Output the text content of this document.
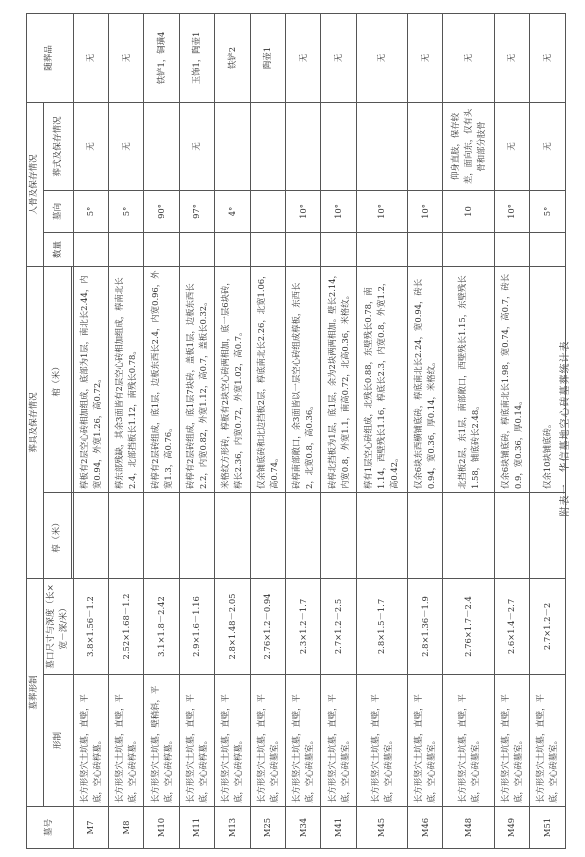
附表一　华信墓地空心砖墓葬统计表
墓号	墓葬形制		葬具及保存情况		人骨及保存情况			随葬品
	形制	墓口尺寸与深度（长×宽－深/米）	椁（米）	棺（米）	数量	墓向	葬式及保存情况	

M7	长方形竖穴土坑墓，直壁，平底，空心砖椁墓。	3.8×1.56－1.2		椁板有2层空心砖相加组成，底部为1层，南北长2.44，内宽0.94，外宽1.26，高0.72。		5°	无	无
M8	长方形竖穴土坑墓，直壁，平底，空心砖椁墓。	2.52×1.68－1.2		椁东部残缺，其余3面皆有2层空心砖相加组成，椁南北长2.4，北部挡板长1.12，南残长0.78。		5°	无	无
M10	长方形竖穴土坑墓，壁稍斜，平底，空心砖椁墓。	3.1×1.8－2.42		砖椁有2层砖组成，底1层，边板东西长2.4，内宽0.96，外宽1.3，高0.76。		90°		铁铲1，铜璜4
M11	长方形竖穴土坑墓，直壁，平底，空心砖椁墓。	2.9×1.6－1.16		砖椁有2层砖组成，底1层7块砖，盖板1层，边板东西长2.2，内宽0.82，外宽1.12，高0.7，盖板长0.32。		97°	无	玉饰1，陶壶1
M13	长方形竖穴土坑墓，直壁，平底，空心砖椁墓。	2.8×1.48－2.05		米格纹方形砖，椁板有2块空心砖两相加，底一层6块砖，椁长2.36，内宽0.72，外宽1.02，高0.7。		4°		铁铲2
M25	长方形竖穴土坑墓，直壁，平底，空心砖墓室。	2.76×1.2－0.94		仅余铺底砖和北边挡板2层，椁底南北长2.26，北宽1.06，高0.74。				陶壶1
M34	长方形竖穴土坑墓，直壁，平底，空心砖墓室。	2.3×1.2－1.7		砖椁南部敞口，余3面皆以一层空心砖组成椁板，东西长2，北宽0.8，高0.36。		10°		无
M41	长方形竖穴土坑墓，直壁，平底，空心砖墓室。	2.7×1.2－2.5		砖椁北挡板为1层，底1层，余为2块两两相加。壁长2.14，内宽0.8，外宽1.1，南高0.72，北高0.36，米格纹。		10°		无
M45	长方形竖穴土坑墓，直壁，平底，空心砖墓室。	2.8×1.5－1.7		椁有1层空心砖组成，北残长0.88，东壁残长0.78，南1.14，西壁残长1.16，椁底长2.3，内宽0.8，外宽1.2，高0.42。		10°		无
M46	长方形竖穴土坑墓，直壁，平底，空心砖墓室。	2.8×1.36－1.9		仅余6块东西横铺底砖，椁底南北长2.24，宽0.94，砖长0.94，宽0.36，厚0.14，米格纹。		10°		无
M48	长方形竖穴土坑墓，直壁，平底，空心砖墓室。	2.76×1.7－2.4		北挡板2层，东1层，南部敞口，西壁残长1.15，东壁残长1.58，铺底砖长2.48。		10	仰身直肢，保存较差，面向东，仅有头骨和部分肢骨	无
M49	长方形竖穴土坑墓，直壁，平底，空心砖墓室。	2.6×1.4－2.7		仅余6块铺底砖，椁底南北长1.98，宽0.74，高0.7，砖长0.9，宽0.36，厚0.14。		10°	无	无
M51	长方形竖穴土坑墓，直壁，平底，空心砖墓室。	2.7×1.2－2		仅余10块铺底砖。		5°	无	无
